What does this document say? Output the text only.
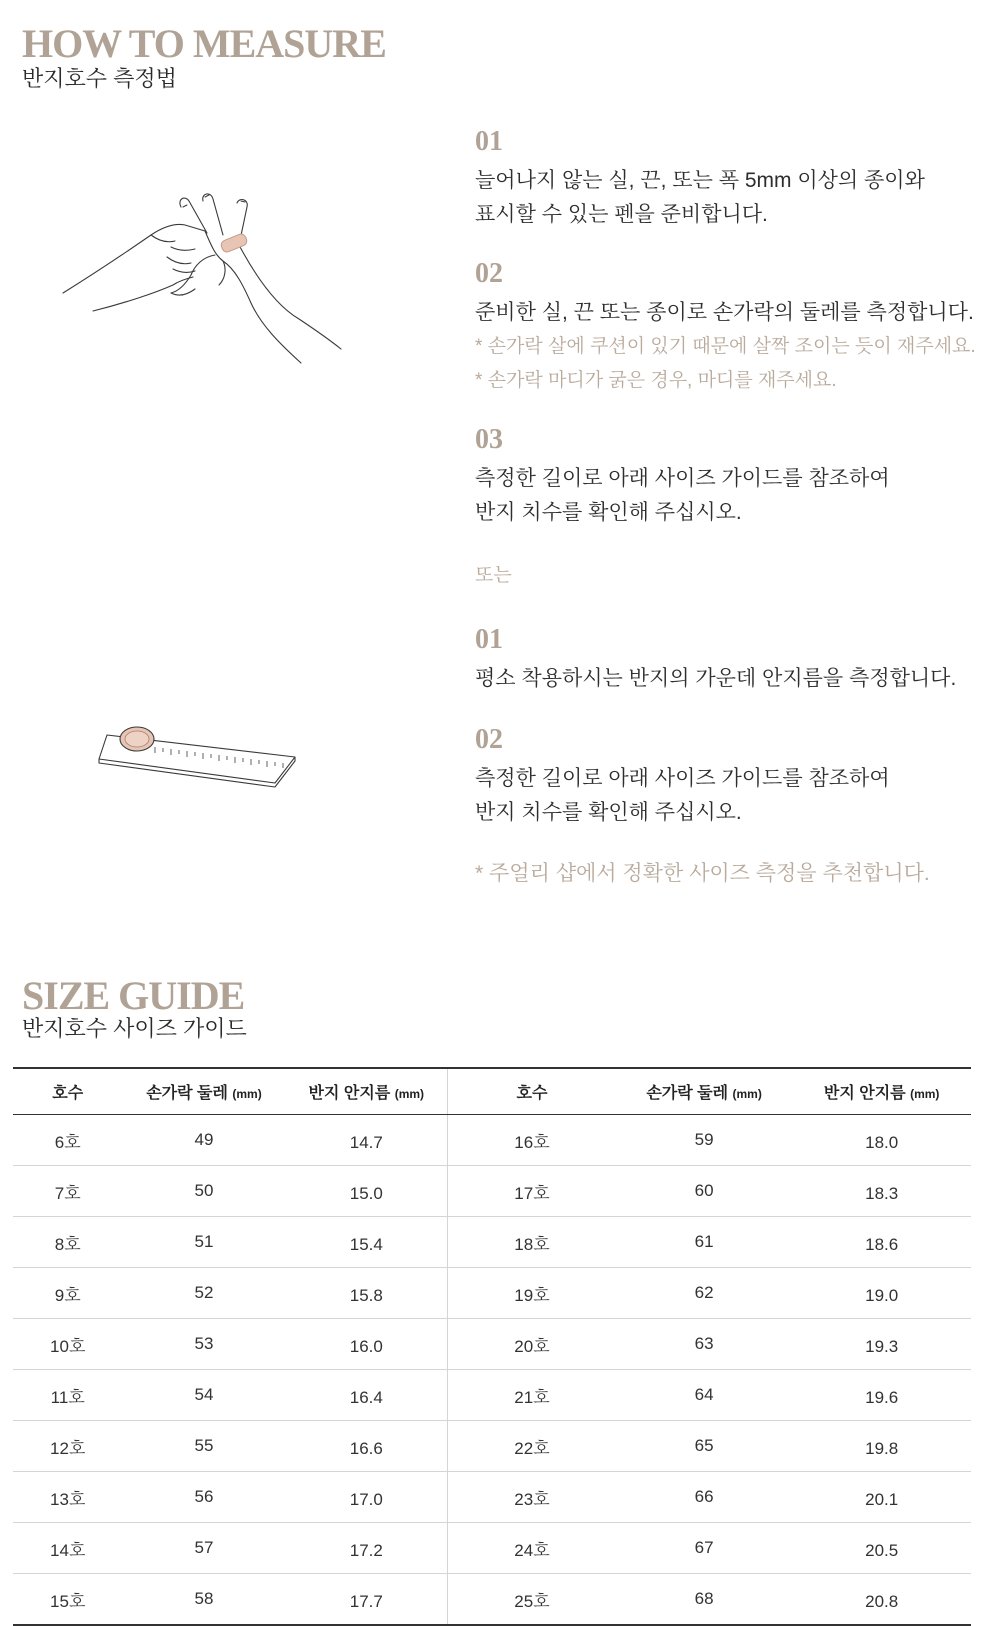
HOW TO MEASURE

반지호수 측정법

01

늘어나지 않는 실, 끈, 또는 폭 5mm 이상의 종이와

표시할 수 있는 펜을 준비합니다.

02

준비한 실, 끈 또는 종이로 손가락의 둘레를 측정합니다.

* 손가락 살에 쿠션이 있기 때문에 살짝 조이는 듯이 재주세요.

* 손가락 마디가 굵은 경우, 마디를 재주세요.

03

측정한 길이로 아래 사이즈 가이드를 참조하여

반지 치수를 확인해 주십시오.

또는

01

평소 착용하시는 반지의 가운데 안지름을 측정합니다.

02

측정한 길이로 아래 사이즈 가이드를 참조하여

반지 치수를 확인해 주십시오.

* 주얼리 샵에서 정확한 사이즈 측정을 추천합니다.

SIZE GUIDE

반지호수 사이즈 가이드

호수	손가락 둘레 (mm)	반지 안지름 (mm)	호수	손가락 둘레 (mm)	반지 안지름 (mm)
6호	49	14.7	16호	59	18.0
7호	50	15.0	17호	60	18.3
8호	51	15.4	18호	61	18.6
9호	52	15.8	19호	62	19.0
10호	53	16.0	20호	63	19.3
11호	54	16.4	21호	64	19.6
12호	55	16.6	22호	65	19.8
13호	56	17.0	23호	66	20.1
14호	57	17.2	24호	67	20.5
15호	58	17.7	25호	68	20.8
